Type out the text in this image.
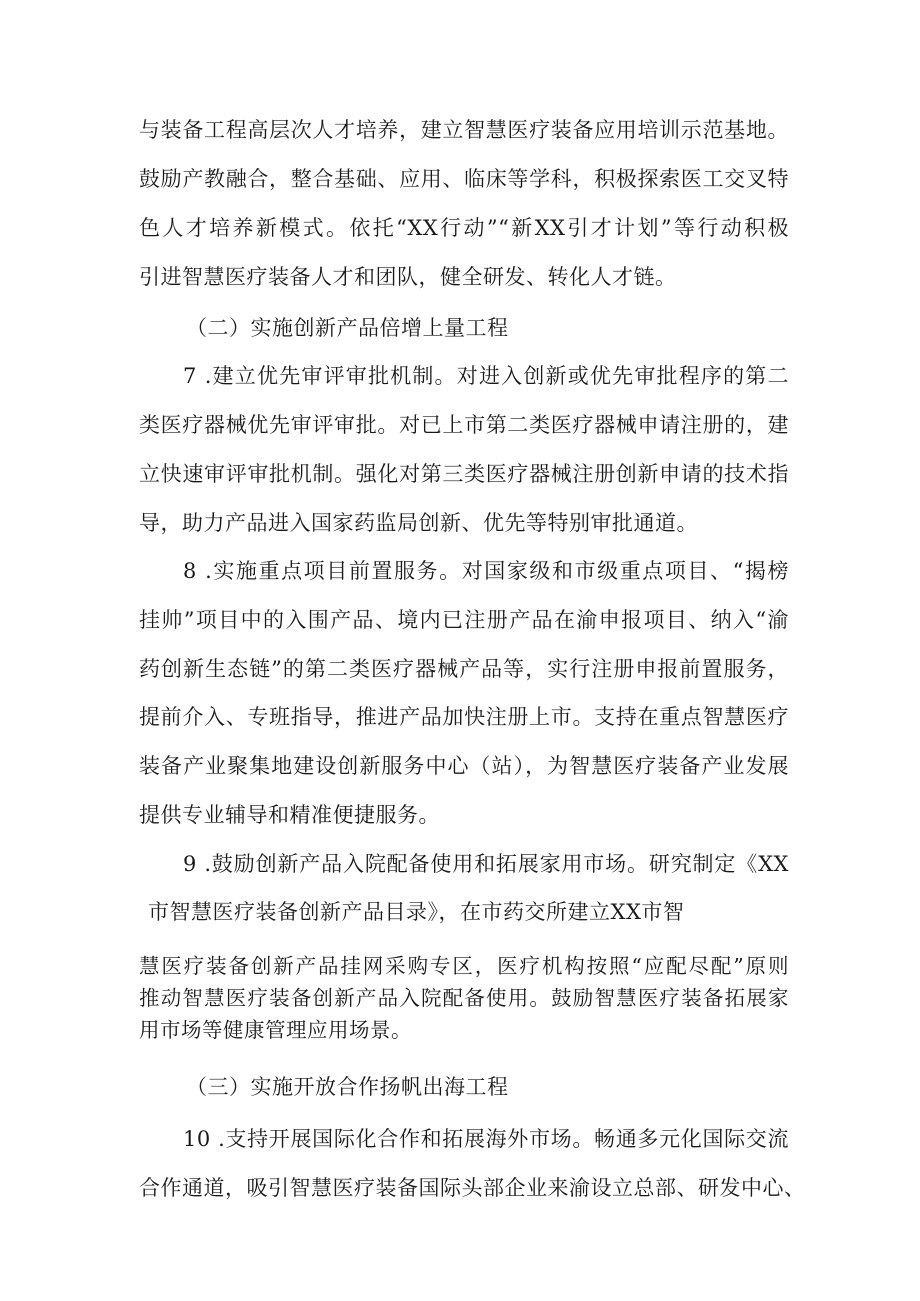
与装备工程高层次人才培养，建立智慧医疗装备应用培训示范基地。
鼓励产教融合，整合基础、应用、临床等学科，积极探索医工交叉特
色人才培养新模式。依托“XX行动”“新XX引才计划”等行动积极
引进智慧医疗装备人才和团队，健全研发、转化人才链。
（二）实施创新产品倍增上量工程
7 .建立优先审评审批机制。对进入创新或优先审批程序的第二
类医疗器械优先审评审批。对已上市第二类医疗器械申请注册的，建
立快速审评审批机制。强化对第三类医疗器械注册创新申请的技术指
导，助力产品进入国家药监局创新、优先等特别审批通道。
8 .实施重点项目前置服务。对国家级和市级重点项目、“揭榜
挂帅”项目中的入围产品、境内已注册产品在渝申报项目、纳入“渝
药创新生态链”的第二类医疗器械产品等，实行注册申报前置服务，
提前介入、专班指导，推进产品加快注册上市。支持在重点智慧医疗
装备产业聚集地建设创新服务中心（站），为智慧医疗装备产业发展
提供专业辅导和精准便捷服务。
9 .鼓励创新产品入院配备使用和拓展家用市场。研究制定《XX
市智慧医疗装备创新产品目录》，在市药交所建立XX市智
慧医疗装备创新产品挂网采购专区，医疗机构按照“应配尽配”原则
推动智慧医疗装备创新产品入院配备使用。鼓励智慧医疗装备拓展家
用市场等健康管理应用场景。
（三）实施开放合作扬帆出海工程
10 .支持开展国际化合作和拓展海外市场。畅通多元化国际交流
合作通道，吸引智慧医疗装备国际头部企业来渝设立总部、研发中心、
